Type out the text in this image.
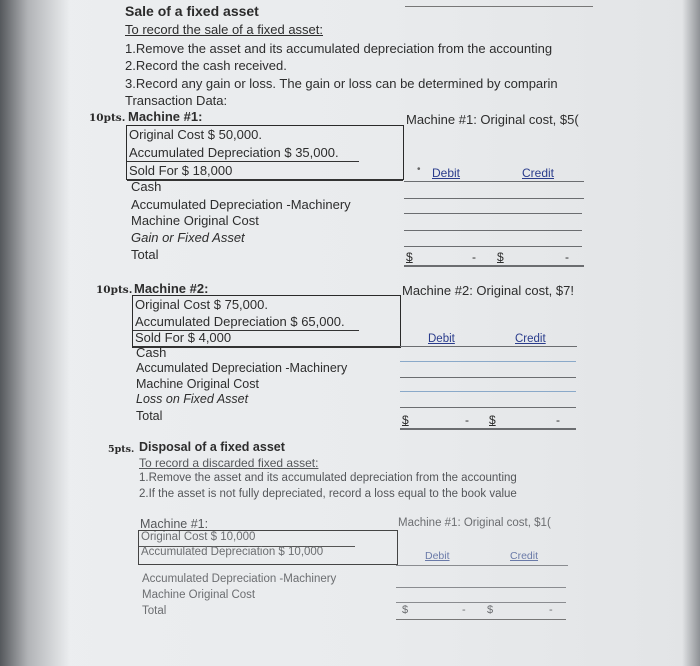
Sale of a fixed asset
To record the sale of a fixed asset:
1.Remove the asset and its accumulated depreciation from the accounting
2.Record the cash received.
3.Record any gain or loss. The gain or loss can be determined by comparin
Transaction Data:
10pts. Machine #1:	Machine #1: Original cost, $5(
Original Cost $ 50,000.
Accumulated Depreciation $ 35,000.
Sold For $ 18,000	• Debit	Credit
Cash
Accumulated Depreciation -Machinery
Machine Original Cost
Gain or Fixed Asset
Total	$	- $	-
10pts. Machine #2:	Machine #2: Original cost, $7!
Original Cost $ 75,000.
Accumulated Depreciation $ 65,000.
Sold For $ 4,000	Debit	Credit
Cash
Accumulated Depreciation -Machinery
Machine Original Cost
Loss on Fixed Asset
Total	$	- $	-
5pts. Disposal of a fixed asset
To record a discarded fixed asset:
1.Remove the asset and its accumulated depreciation from the accounting
2.If the asset is not fully depreciated, record a loss equal to the book value
Machine #1:	Machine #1: Original cost, $1(
Original Cost $ 10,000
Accumulated Depreciation $ 10,000	Debit	Credit
Accumulated Depreciation -Machinery
Machine Original Cost
Total	$	- $	-
